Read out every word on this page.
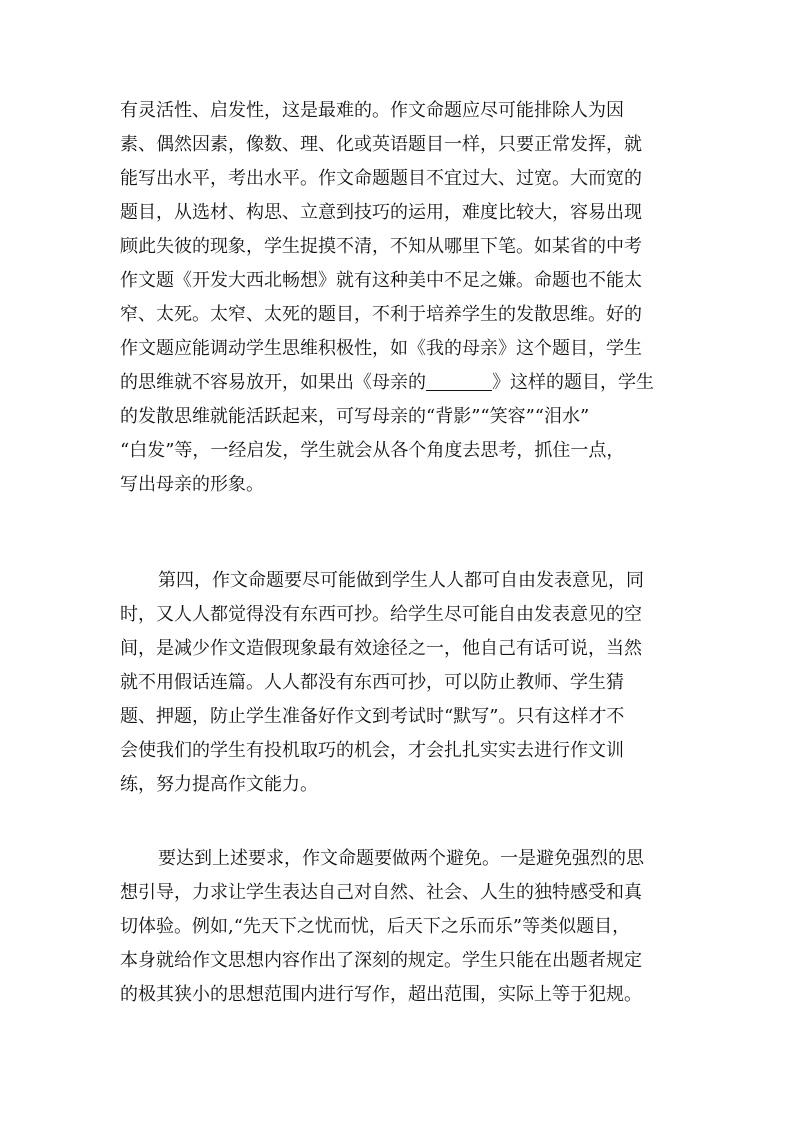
有灵活性、启发性，这是最难的。作文命题应尽可能排除人为因
素、偶然因素，像数、理、化或英语题目一样，只要正常发挥，就
能写出水平，考出水平。作文命题题目不宜过大、过宽。大而宽的
题目，从选材、构思、立意到技巧的运用，难度比较大，容易出现
顾此失彼的现象，学生捉摸不清，不知从哪里下笔。如某省的中考
作文题《开发大西北畅想》就有这种美中不足之嫌。命题也不能太
窄、太死。太窄、太死的题目，不利于培养学生的发散思维。好的
作文题应能调动学生思维积极性，如《我的母亲》这个题目，学生
的思维就不容易放开，如果出《母亲的	》这样的题目，学生
的发散思维就能活跃起来，可写母亲的“背影”“笑容”“泪水”
“白发”等，一经启发，学生就会从各个角度去思考，抓住一点，
写出母亲的形象。
第四，作文命题要尽可能做到学生人人都可自由发表意见，同
时，又人人都觉得没有东西可抄。给学生尽可能自由发表意见的空
间，是减少作文造假现象最有效途径之一，他自己有话可说，当然
就不用假话连篇。人人都没有东西可抄，可以防止教师、学生猜
题、押题，防止学生准备好作文到考试时“默写”。只有这样才不
会使我们的学生有投机取巧的机会，才会扎扎实实去进行作文训
练，努力提高作文能力。
要达到上述要求，作文命题要做两个避免。一是避免强烈的思
想引导，力求让学生表达自己对自然、社会、人生的独特感受和真
切体验。例如,“先天下之忧而忧，后天下之乐而乐”等类似题目，
本身就给作文思想内容作出了深刻的规定。学生只能在出题者规定
的极其狭小的思想范围内进行写作，超出范围，实际上等于犯规。
